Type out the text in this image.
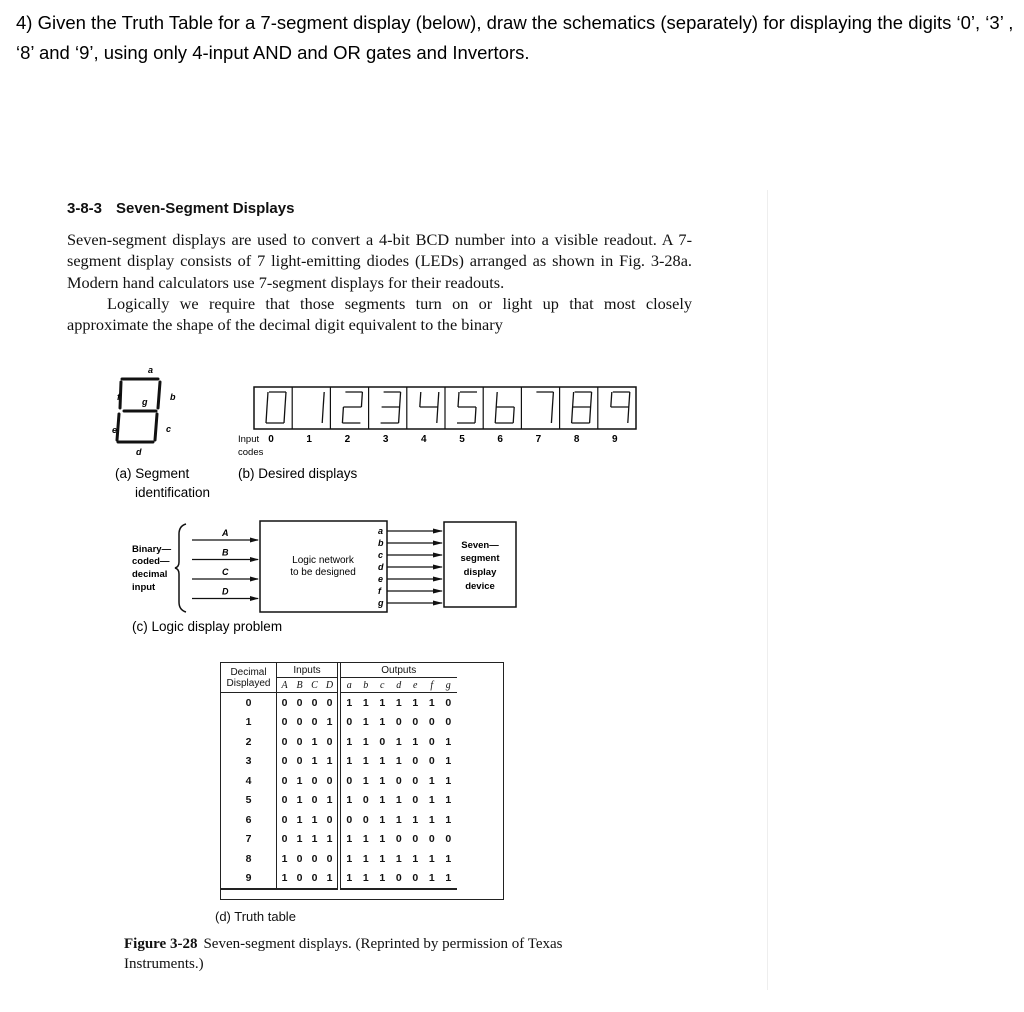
4) Given the Truth Table for a 7-segment display (below), draw the schematics (separately) for displaying the digits ‘0’, ‘3’ , ‘8’ and ‘9’, using only 4-input AND and OR gates and Invertors.
3-8-3 Seven-Segment Displays

Seven-segment displays are used to convert a 4-bit BCD number into a visible readout. A 7-segment display consists of 7 light-emitting diodes (LEDs) arranged as shown in Fig. 3-28a. Modern hand calculators use 7-segment displays for their readouts.

Logically we require that those segments turn on or light up that most closely approximate the shape of the decimal digit equivalent to the binary

a
b
c
d
e
f g
(a) Segment
identification
Input
codes
0	1	2	3	4	5	6	7	8	9
(b) Desired displays
Binary—
coded—
decimal
input
A
B
C
D
Logic network
to be designed
a
b
c
d
e
f
g
Seven—
segment
display
device
(c) Logic display problem
Decimal
Displayed	Inputs				Outputs						
	A	B	C	D	a	b	c	d	e	f	g
0	0	0	0	0	1	1	1	1	1	1	0
1	0	0	0	1	0	1	1	0	0	0	0
2	0	0	1	0	1	1	0	1	1	0	1
3	0	0	1	1	1	1	1	1	0	0	1
4	0	1	0	0	0	1	1	0	0	1	1
5	0	1	0	1	1	0	1	1	0	1	1
6	0	1	1	0	0	0	1	1	1	1	1
7	0	1	1	1	1	1	1	0	0	0	0
8	1	0	0	0	1	1	1	1	1	1	1
9	1	0	0	1	1	1	1	0	0	1	1
(d) Truth table
Figure 3-28 Seven-segment displays. (Reprinted by permission of Texas Instruments.)
